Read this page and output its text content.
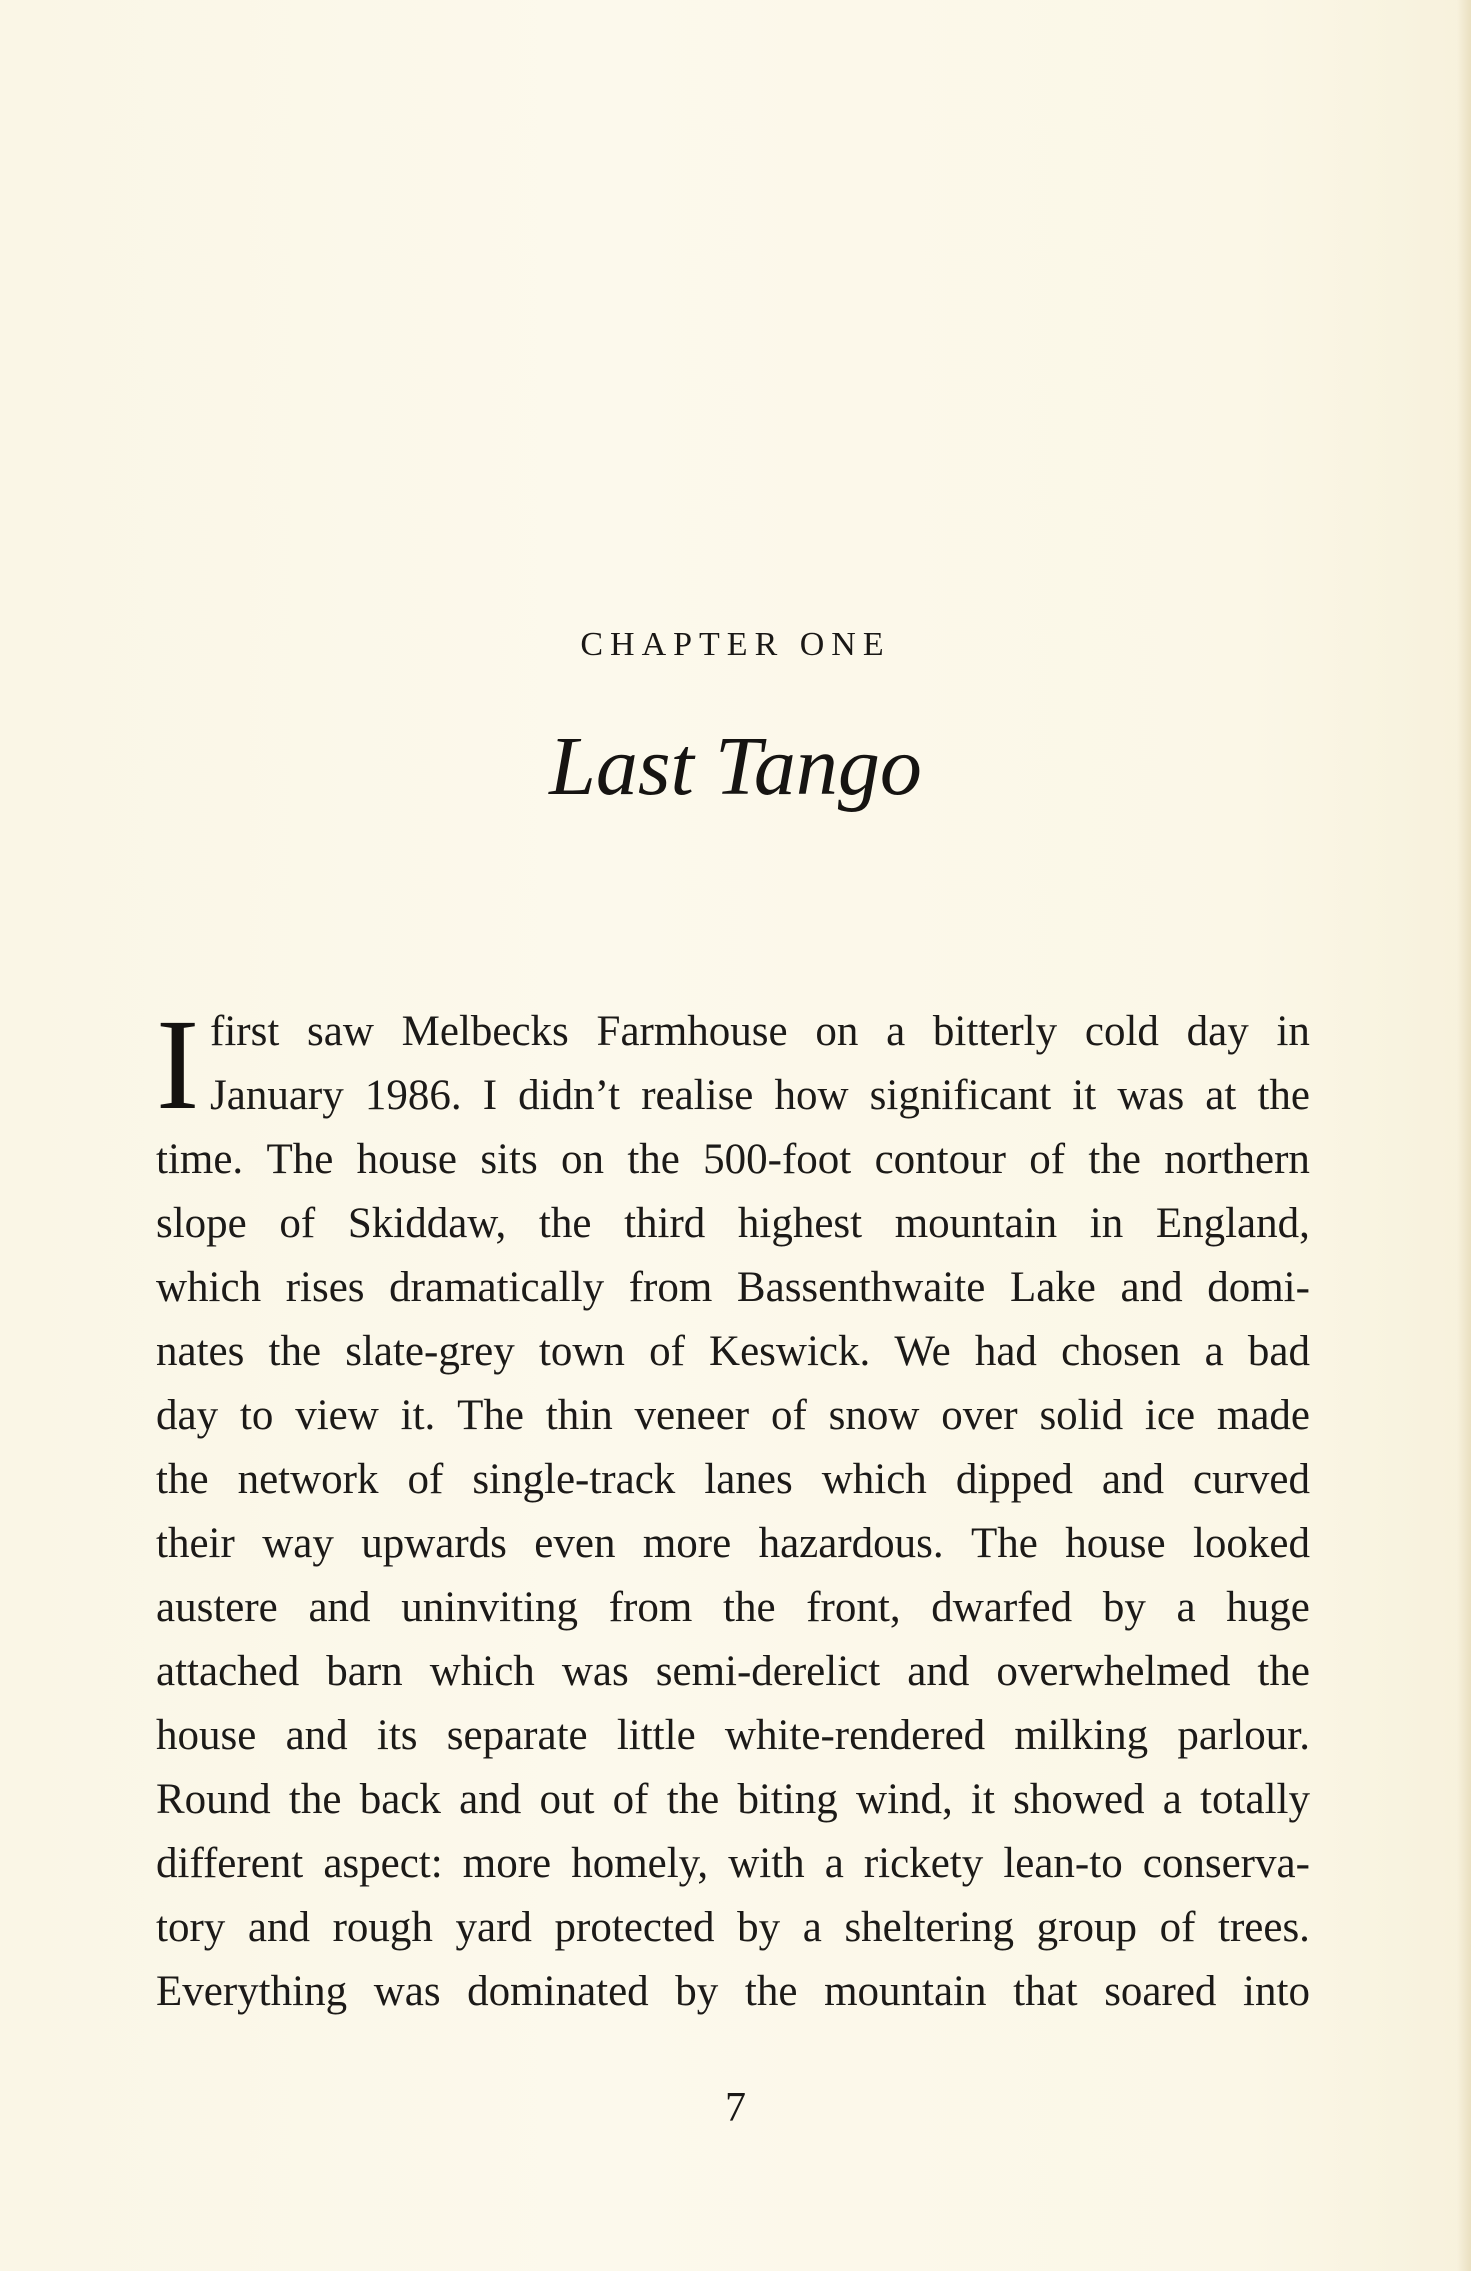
CHAPTER ONE
Last Tango
I first saw Melbecks Farmhouse on a bitterly cold day in
January 1986. I didn’t realise how significant it was at the
time. The house sits on the 500-foot contour of the northern
slope of Skiddaw, the third highest mountain in England,
which rises dramatically from Bassenthwaite Lake and domi-
nates the slate-grey town of Keswick. We had chosen a bad
day to view it. The thin veneer of snow over solid ice made
the network of single-track lanes which dipped and curved
their way upwards even more hazardous. The house looked
austere and uninviting from the front, dwarfed by a huge
attached barn which was semi-derelict and overwhelmed the
house and its separate little white-rendered milking parlour.
Round the back and out of the biting wind, it showed a totally
different aspect: more homely, with a rickety lean-to conserva-
tory and rough yard protected by a sheltering group of trees.
Everything was dominated by the mountain that soared into
7
